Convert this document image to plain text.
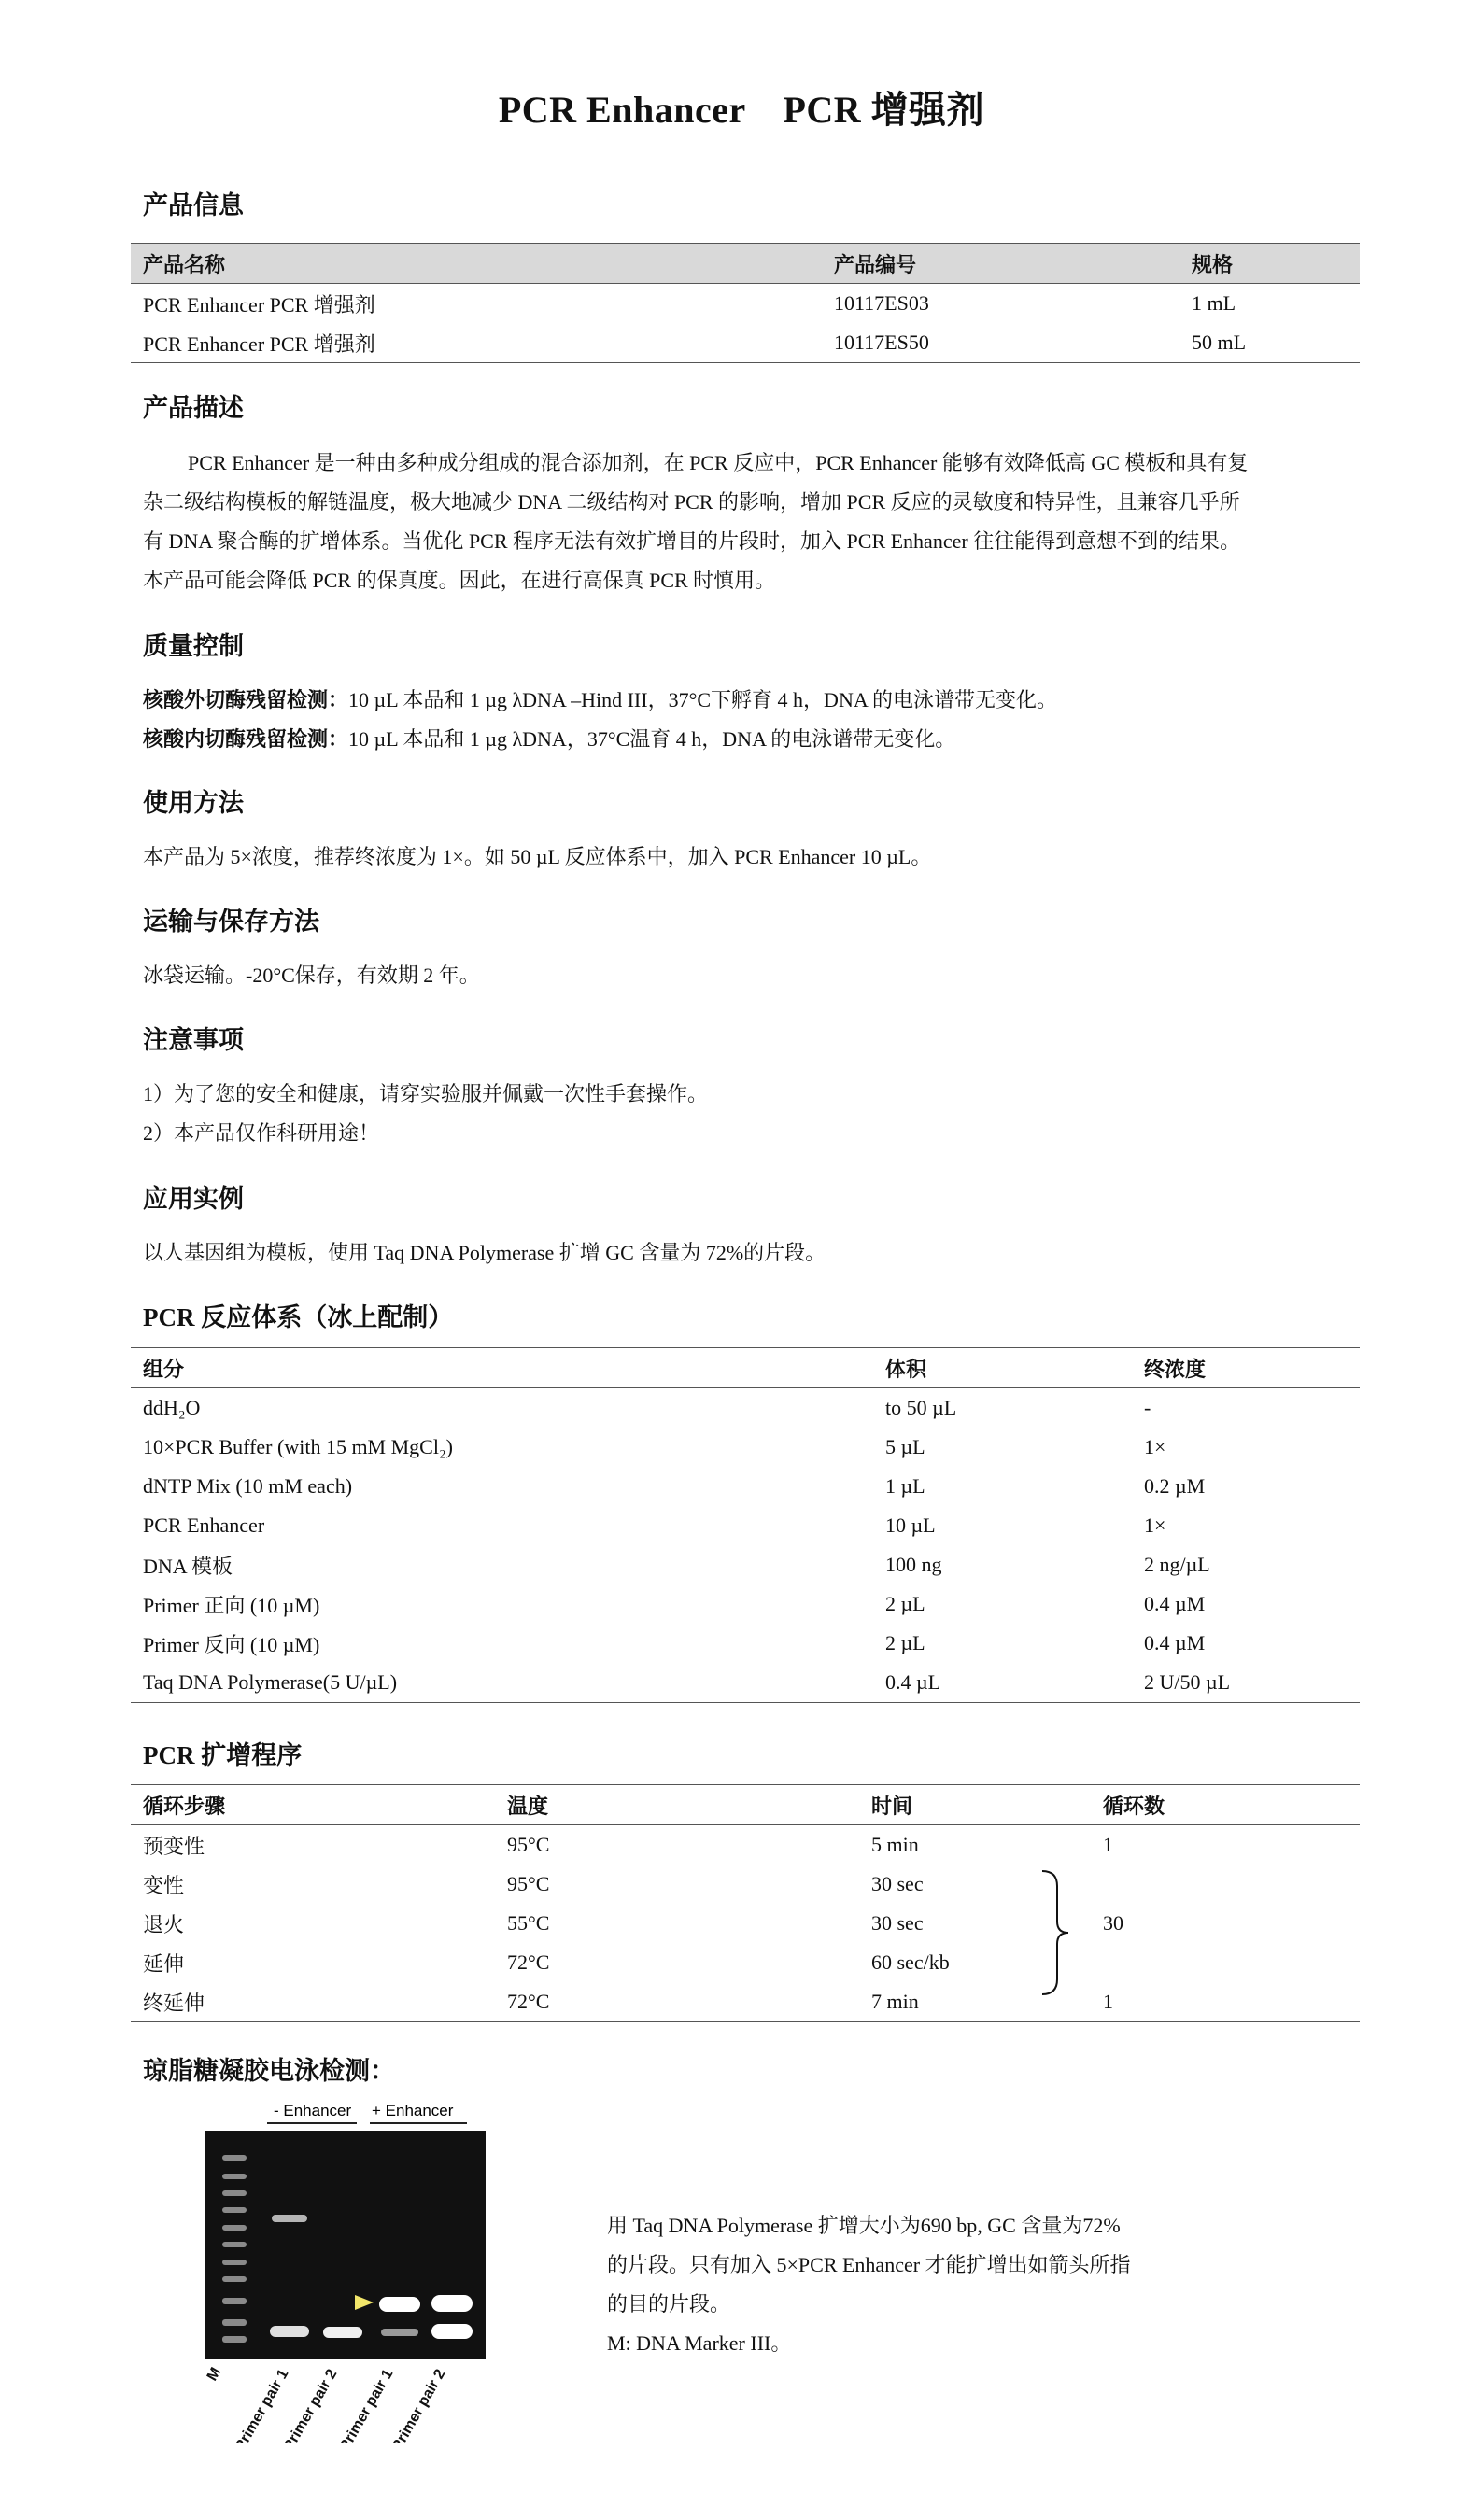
PCR Enhancer　PCR 增强剂
产品信息
产品名称	产品编号	规格
PCR Enhancer PCR 增强剂	10117ES03	1 mL
PCR Enhancer PCR 增强剂	10117ES50	50 mL
产品描述
PCR Enhancer 是一种由多种成分组成的混合添加剂，在 PCR 反应中，PCR Enhancer 能够有效降低高 GC 模板和具有复
杂二级结构模板的解链温度，极大地减少 DNA 二级结构对 PCR 的影响，增加 PCR 反应的灵敏度和特异性，且兼容几乎所
有 DNA 聚合酶的扩增体系。当优化 PCR 程序无法有效扩增目的片段时，加入 PCR Enhancer 往往能得到意想不到的结果。
本产品可能会降低 PCR 的保真度。因此，在进行高保真 PCR 时慎用。
质量控制
核酸外切酶残留检测：10 µL 本品和 1 µg λDNA –Hind III，37°C下孵育 4 h，DNA 的电泳谱带无变化。
核酸内切酶残留检测：10 µL 本品和 1 µg λDNA，37°C温育 4 h，DNA 的电泳谱带无变化。
使用方法
本产品为 5×浓度，推荐终浓度为 1×。如 50 µL 反应体系中，加入 PCR Enhancer 10 µL。
运输与保存方法
冰袋运输。-20°C保存，有效期 2 年。
注意事项
1）为了您的安全和健康，请穿实验服并佩戴一次性手套操作。
2）本产品仅作科研用途！
应用实例
以人基因组为模板，使用 Taq DNA Polymerase 扩增 GC 含量为 72%的片段。
PCR 反应体系（冰上配制）
组分	体积	终浓度
ddH₂O	to 50 µL	-
10×PCR Buffer (with 15 mM MgCl₂)	5 µL	1×
dNTP Mix (10 mM each)	1 µL	0.2 µM
PCR Enhancer	10 µL	1×
DNA 模板	100 ng	2 ng/µL
Primer 正向 (10 µM)	2 µL	0.4 µM
Primer 反向 (10 µM)	2 µL	0.4 µM
Taq DNA Polymerase(5 U/µL)	0.4 µL	2 U/50 µL
PCR 扩增程序
循环步骤	温度	时间	循环数
预变性	95°C	5 min	1
变性	95°C	30 sec	
退火	55°C	30 sec	30
延伸	72°C	60 sec/kb	
终延伸	72°C	7 min	1
琼脂糖凝胶电泳检测：
- Enhancer + Enhancer
M Primer pair 1
Primer pair 2
Primer pair 1
Primer pair 2
用 Taq DNA Polymerase 扩增大小为690 bp, GC 含量为72%
的片段。只有加入 5×PCR Enhancer 才能扩增出如箭头所指
的目的片段。
M: DNA Marker III。
